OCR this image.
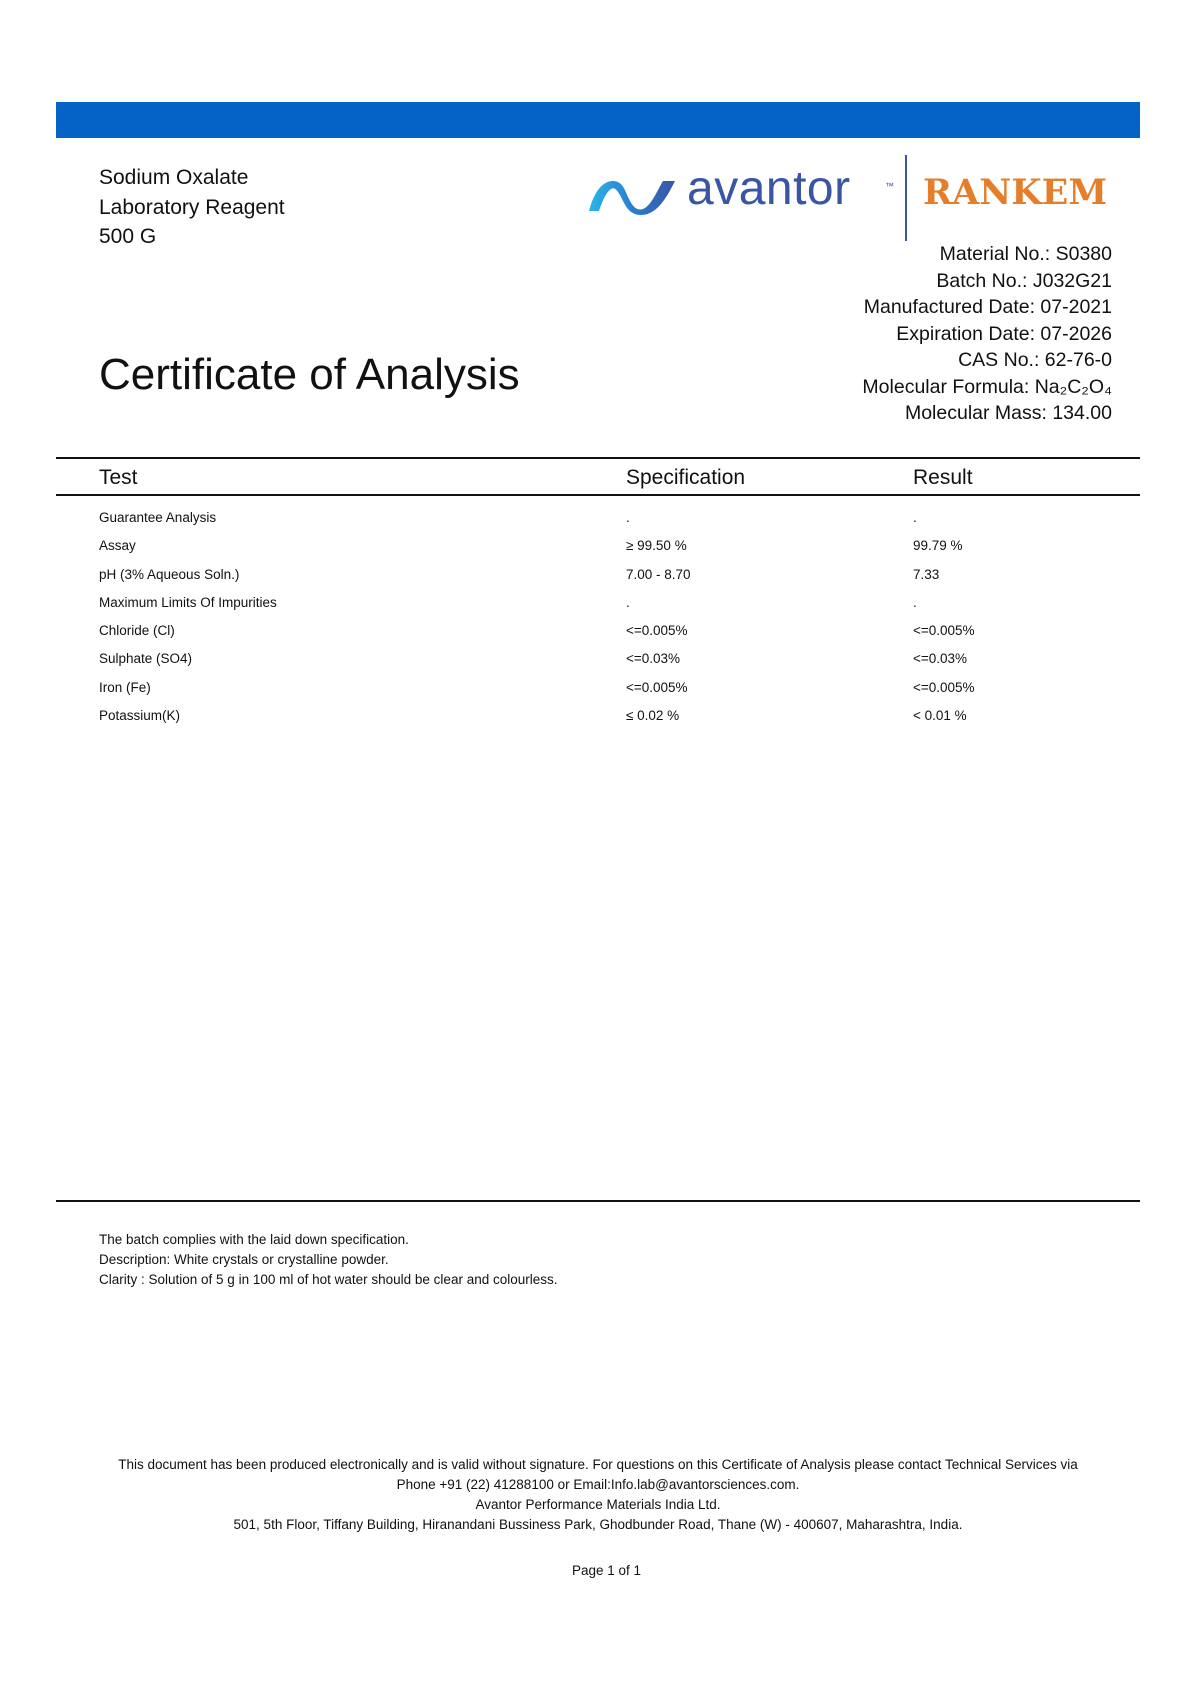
Sodium Oxalate
Laboratory Reagent
500 G
avantor	™ RANKEM
Material No.: S0380
Batch No.: J032G21
Manufactured Date: 07-2021
Expiration Date: 07-2026
CAS No.: 62-76-0
Molecular Formula: Na₂C₂O₄
Molecular Mass: 134.00
Certificate of Analysis
Test	Specification	Result
Guarantee Analysis	.	.
Assay	≥ 99.50 %	99.79 %
pH (3% Aqueous Soln.)	7.00 - 8.70	7.33
Maximum Limits Of Impurities	.	.
Chloride (Cl)	<=0.005%	<=0.005%
Sulphate (SO4)	<=0.03%	<=0.03%
Iron (Fe)	<=0.005%	<=0.005%
Potassium(K)	≤ 0.02 %	< 0.01 %
The batch complies with the laid down specification.
Description: White crystals or crystalline powder.
Clarity : Solution of 5 g in 100 ml of hot water should be clear and colourless.
This document has been produced electronically and is valid without signature. For questions on this Certificate of Analysis please contact Technical Services via
Phone +91 (22) 41288100 or Email:Info.lab@avantorsciences.com.
Avantor Performance Materials India Ltd.
501, 5th Floor, Tiffany Building, Hiranandani Bussiness Park, Ghodbunder Road, Thane (W) - 400607, Maharashtra, India.
Page 1 of 1
